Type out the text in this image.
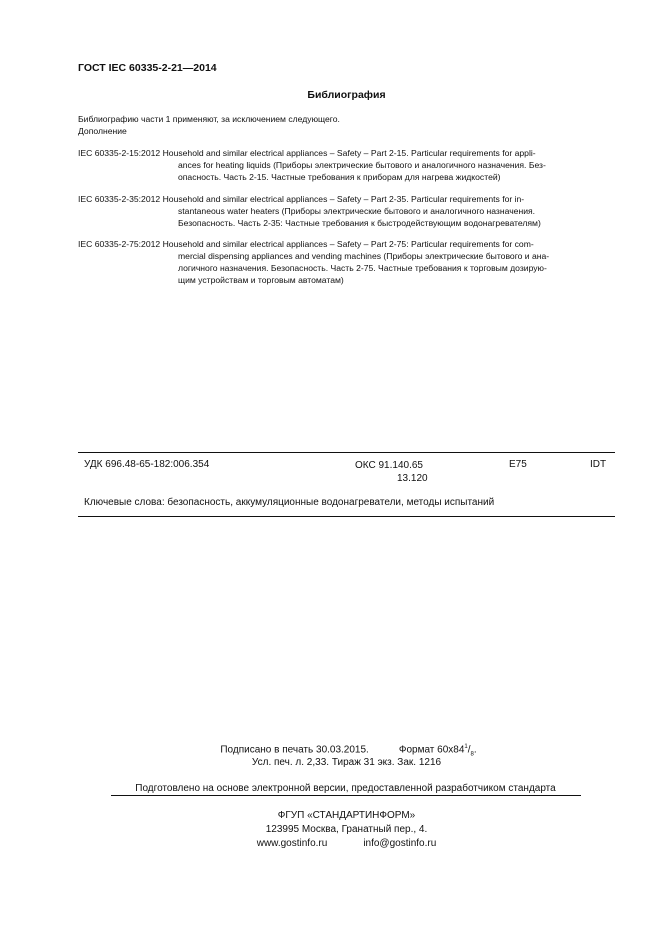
ГОСТ IEC 60335-2-21—2014
Библиография
Библиографию части 1 применяют, за исключением следующего.
Дополнение
IEC 60335-2-15:2012 Household and similar electrical appliances – Safety – Part 2-15. Particular requirements for appli-
ances for heating liquids (Приборы электрические бытового и аналогичного назначения. Без-
опасность. Часть 2-15. Частные требования к приборам для нагрева жидкостей)
IEC 60335-2-35:2012 Household and similar electrical appliances – Safety – Part 2-35. Particular requirements for in-
stantaneous water heaters (Приборы электрические бытового и аналогичного назначения.
Безопасность. Часть 2-35: Частные требования к быстродействующим водонагревателям)
IEC 60335-2-75:2012 Household and similar electrical appliances – Safety – Part 2-75: Particular requirements for com-
mercial dispensing appliances and vending machines (Приборы электрические бытового и ана-
логичного назначения. Безопасность. Часть 2-75. Частные требования к торговым дозирую-
щим устройствам и торговым автоматам)
УДК 696.48-65-182:006.354	ОКС 91.140.65
13.120
Е75	IDT
Ключевые слова: безопасность, аккумуляционные водонагреватели, методы испытаний
Подписано в печать 30.03.2015.	Формат $60x84^1/_8$.
Усл. печ. л. 2,33. Тираж 31 экз. Зак. 1216
Подготовлено на основе электронной версии, предоставленной разработчиком стандарта
ФГУП «СТАНДАРТИНФОРМ»
123995 Москва, Гранатный пер., 4.
www.gostinfo.ru	info@gostinfo.ru
